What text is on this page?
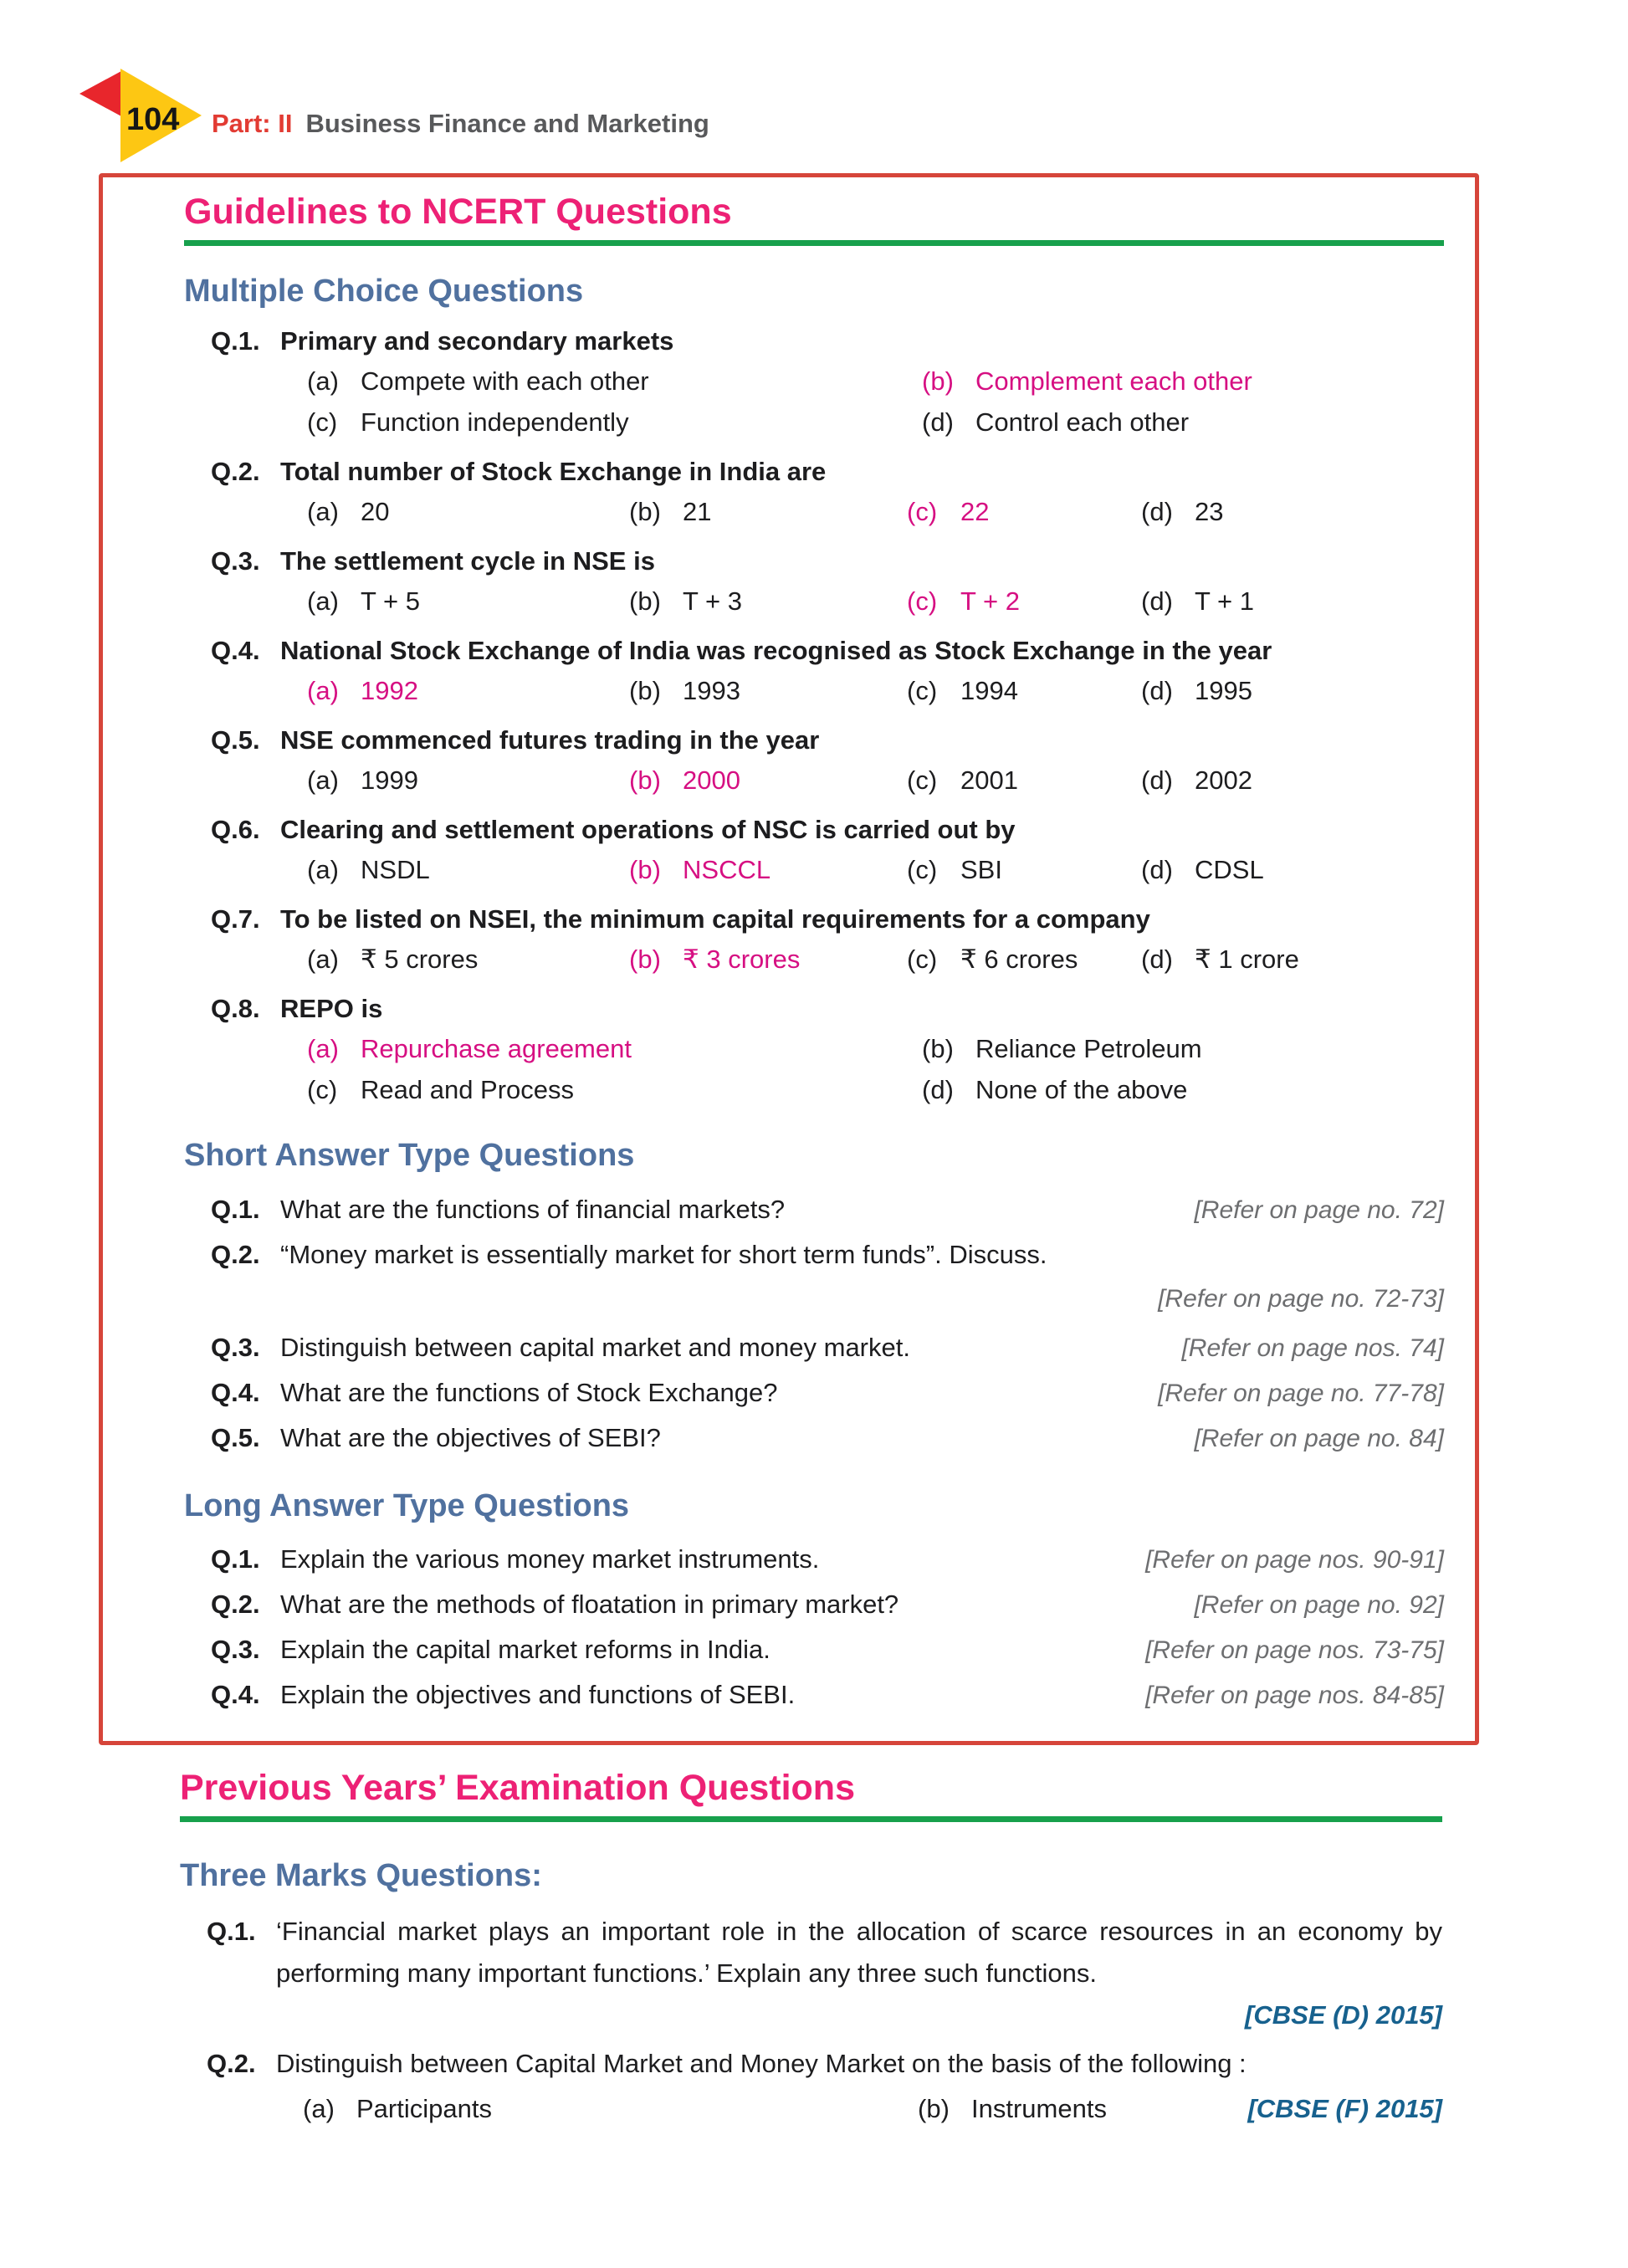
104 Part: II Business Finance and Marketing
Guidelines to NCERT Questions
Multiple Choice Questions
Q.1. Primary and secondary markets
(a) Compete with each other	(b) Complement each other
(c) Function independently	(d) Control each other
Q.2. Total number of Stock Exchange in India are
(a) 20	(b) 21	(c) 22	(d) 23
Q.3. The settlement cycle in NSE is
(a) T + 5	(b) T + 3	(c) T + 2	(d) T + 1
Q.4. National Stock Exchange of India was recognised as Stock Exchange in the year
(a) 1992	(b) 1993	(c) 1994	(d) 1995
Q.5. NSE commenced futures trading in the year
(a) 1999	(b) 2000	(c) 2001	(d) 2002
Q.6. Clearing and settlement operations of NSC is carried out by
(a) NSDL	(b) NSCCL	(c) SBI	(d) CDSL
Q.7. To be listed on NSEI, the minimum capital requirements for a company
(a) ₹ 5 crores	(b) ₹ 3 crores	(c) ₹ 6 crores	(d) ₹ 1 crore
Q.8. REPO is
(a) Repurchase agreement	(b) Reliance Petroleum
(c) Read and Process	(d) None of the above
Short Answer Type Questions
Q.1. What are the functions of financial markets?	[Refer on page no. 72]
Q.2. “Money market is essentially market for short term funds”. Discuss.
[Refer on page no. 72-73]
Q.3. Distinguish between capital market and money market.	[Refer on page nos. 74]
Q.4. What are the functions of Stock Exchange?	[Refer on page no. 77-78]
Q.5. What are the objectives of SEBI?	[Refer on page no. 84]
Long Answer Type Questions
Q.1. Explain the various money market instruments.	[Refer on page nos. 90-91]
Q.2. What are the methods of floatation in primary market?	[Refer on page no. 92]
Q.3. Explain the capital market reforms in India.	[Refer on page nos. 73-75]
Q.4. Explain the objectives and functions of SEBI.	[Refer on page nos. 84-85]
Previous Years’ Examination Questions
Three Marks Questions:
Q.1. ‘Financial market plays an important role in the allocation of scarce resources in an economy by performing many important functions.’ Explain any three such functions.

[CBSE (D) 2015]
Q.2. Distinguish between Capital Market and Money Market on the basis of the following :

(a) Participants	(b) Instruments	[CBSE (F) 2015]
